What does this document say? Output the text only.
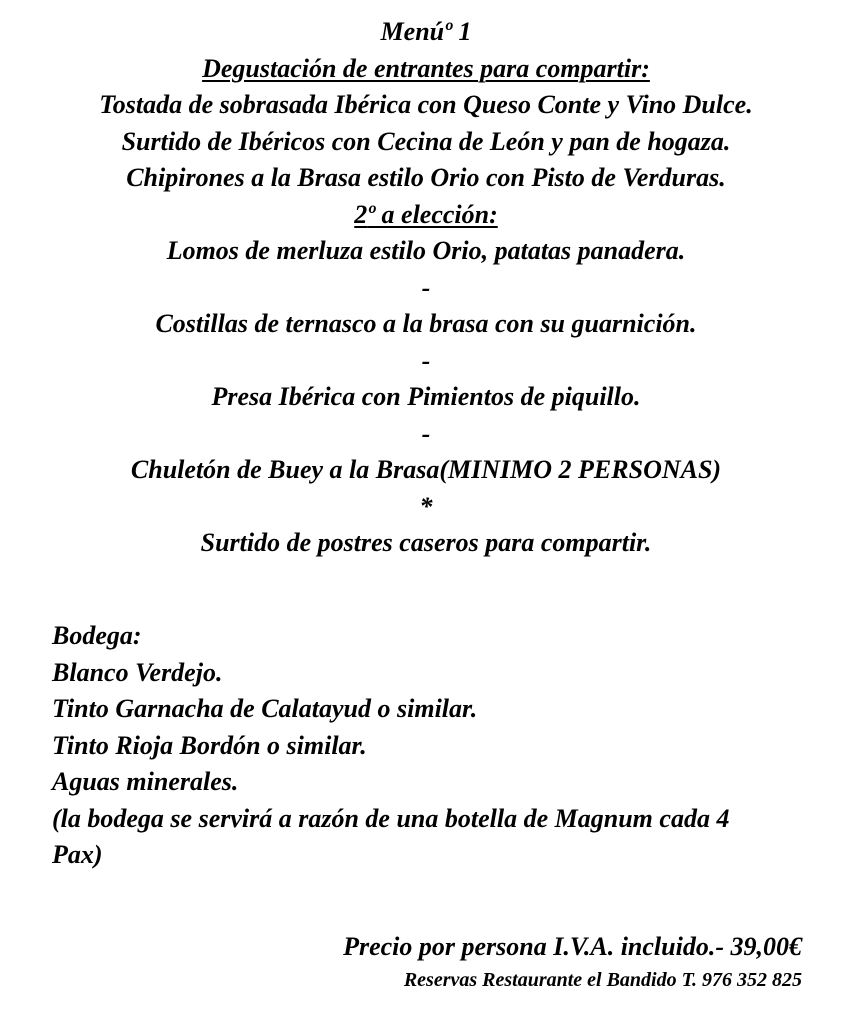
Menúº 1
Degustación de entrantes para compartir:
Tostada de sobrasada Ibérica con Queso Conte y Vino Dulce.
Surtido de Ibéricos con Cecina de León y pan de hogaza.
Chipirones a la Brasa estilo Orio con Pisto de Verduras.
2º a elección:
Lomos de merluza estilo Orio, patatas panadera.
-
Costillas de ternasco a la brasa con su guarnición.
-
Presa Ibérica con Pimientos de piquillo.
-
Chuletón de Buey a la Brasa(MINIMO 2 PERSONAS)
*
Surtido de postres caseros para compartir.
Bodega:
Blanco Verdejo.
Tinto Garnacha de Calatayud o similar.
Tinto Rioja Bordón o similar.
Aguas minerales.
(la bodega se servirá a razón de una botella de Magnum cada 4 Pax)
Precio por persona I.V.A. incluido.- 39,00€
Reservas Restaurante el Bandido T. 976 352 825
